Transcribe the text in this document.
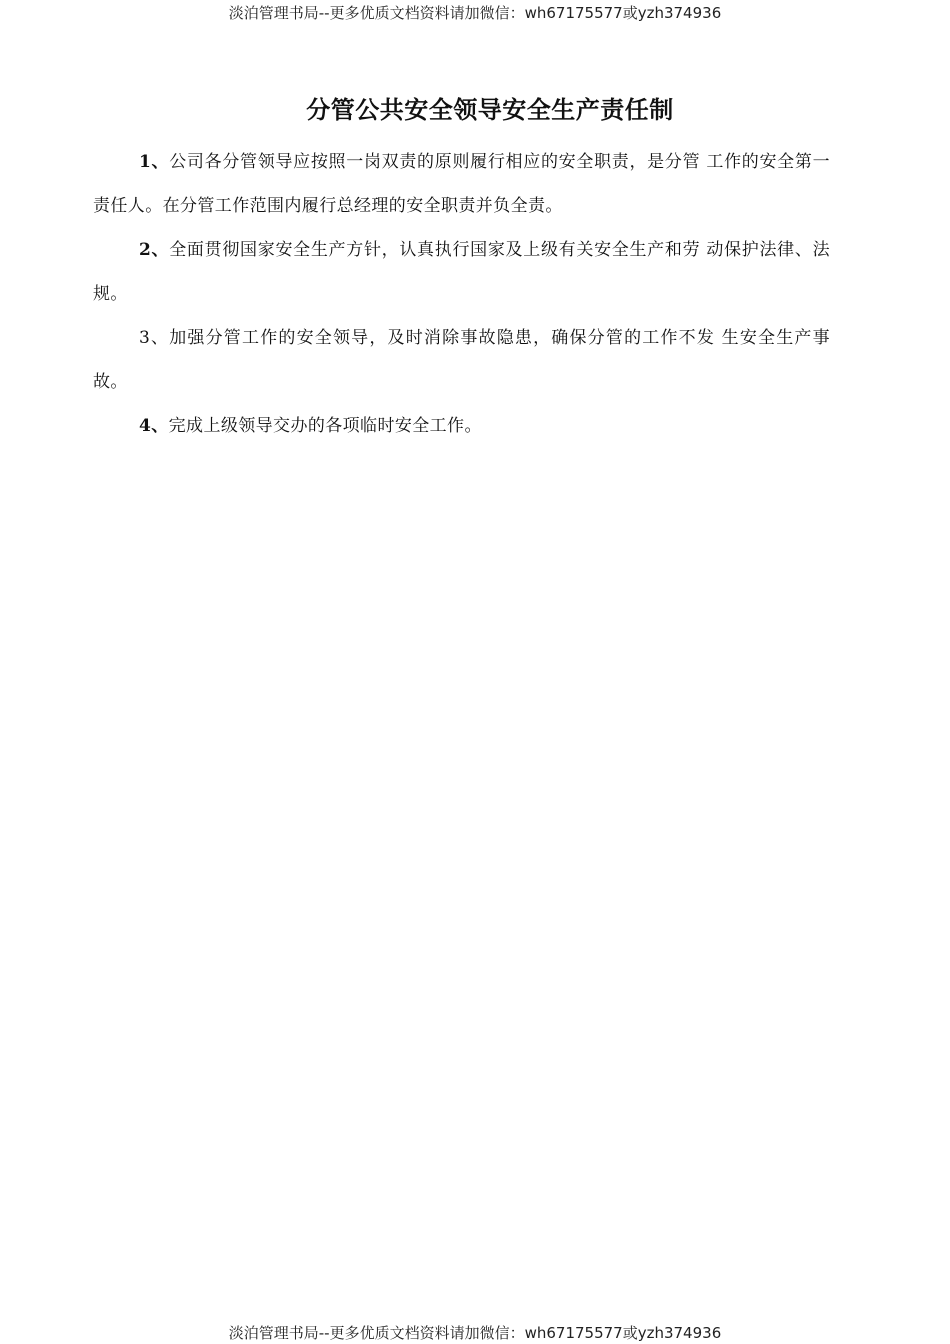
淡泊管理书局--更多优质文档资料请加微信：wh67175577或yzh374936
分管公共安全领导安全生产责任制

1、公司各分管领导应按照一岗双责的原则履行相应的安全职责，是分管 工作的安全第一责任人。在分管工作范围内履行总经理的安全职责并负全责。

2、全面贯彻国家安全生产方针，认真执行国家及上级有关安全生产和劳 动保护法律、法规。

3、加强分管工作的安全领导，及时消除事故隐患，确保分管的工作不发 生安全生产事故。

4、完成上级领导交办的各项临时安全工作。

淡泊管理书局--更多优质文档资料请加微信：wh67175577或yzh374936
